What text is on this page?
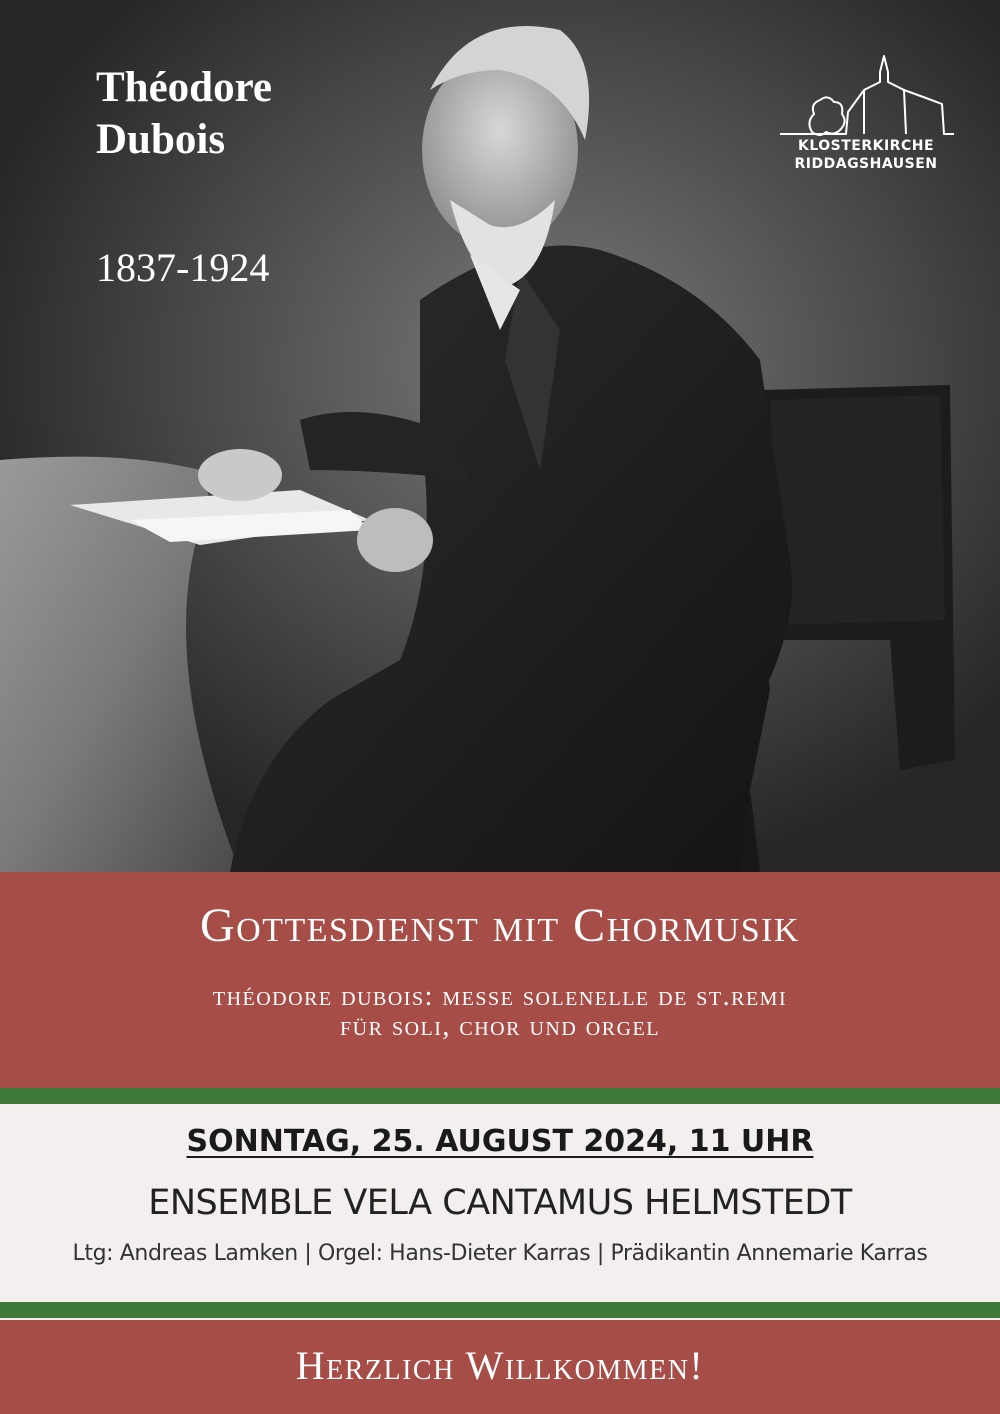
Théodore
Dubois
1837-1924
KLOSTERKIRCHE
RIDDAGSHAUSEN
Gottesdienst mit Chormusik
théodore dubois: messe solenelle de st.remi
für soli, chor und orgel
SONNTAG, 25. AUGUST 2024, 11 UHR
ENSEMBLE VELA CANTAMUS HELMSTEDT
Ltg: Andreas Lamken | Orgel: Hans-Dieter Karras | Prädikantin Annemarie Karras
Herzlich Willkommen!
